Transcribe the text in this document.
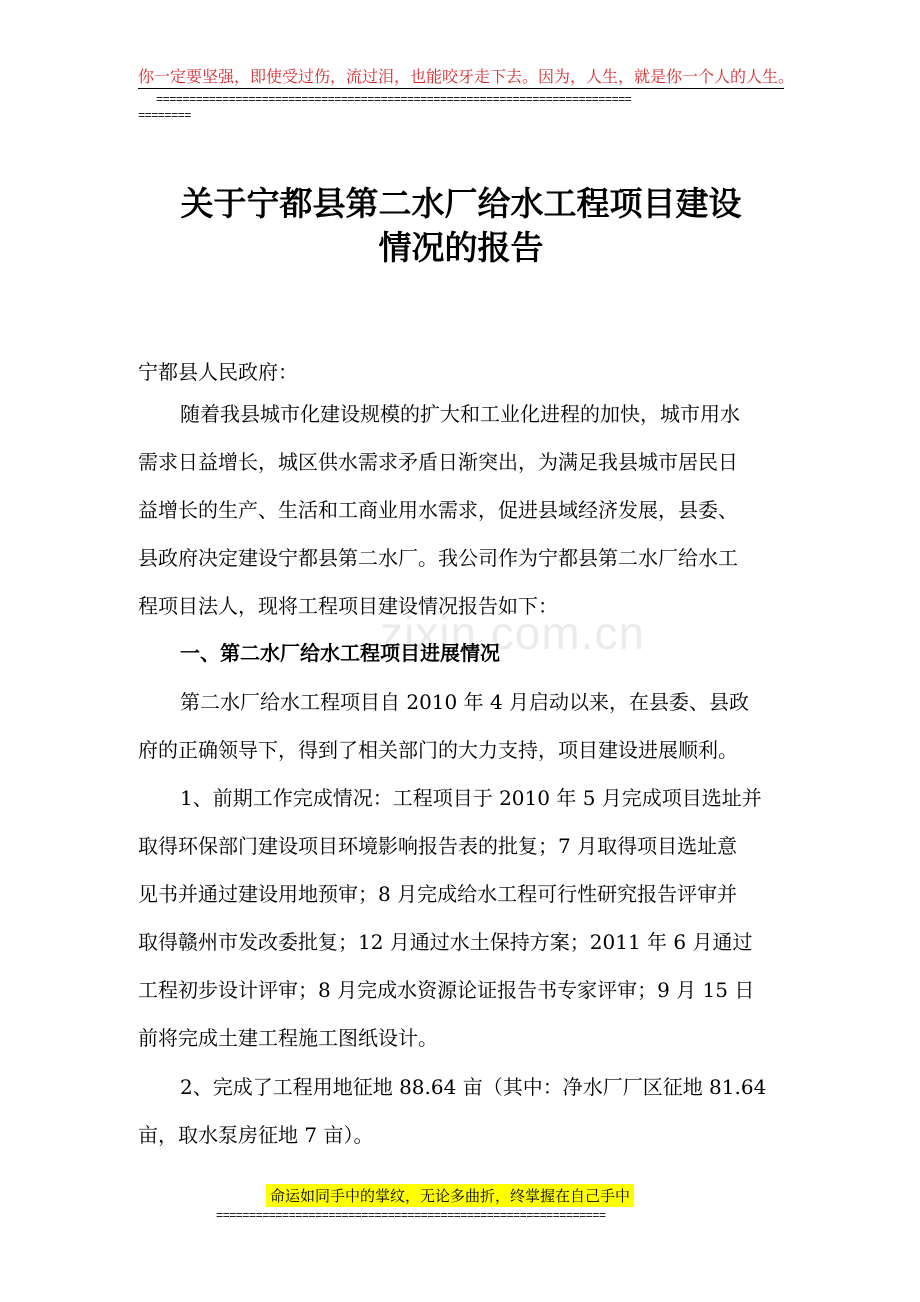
你一定要坚强，即使受过伤，流过泪，也能咬牙走下去。因为，人生，就是你一个人的人生。
========================================================================
========
关于宁都县第二水厂给水工程项目建设
情况的报告
zixin.com.cn
宁都县人民政府：
随着我县城市化建设规模的扩大和工业化进程的加快，城市用水
需求日益增长，城区供水需求矛盾日渐突出，为满足我县城市居民日
益增长的生产、生活和工商业用水需求，促进县域经济发展，县委、
县政府决定建设宁都县第二水厂。我公司作为宁都县第二水厂给水工
程项目法人，现将工程项目建设情况报告如下：
一、第二水厂给水工程项目进展情况
第二水厂给水工程项目自 2010 年 4 月启动以来，在县委、县政
府的正确领导下，得到了相关部门的大力支持，项目建设进展顺利。
1、前期工作完成情况：工程项目于 2010 年 5 月完成项目选址并
取得环保部门建设项目环境影响报告表的批复；7 月取得项目选址意
见书并通过建设用地预审；8 月完成给水工程可行性研究报告评审并
取得赣州市发改委批复；12 月通过水土保持方案；2011 年 6 月通过
工程初步设计评审；8 月完成水资源论证报告书专家评审；9 月 15 日
前将完成土建工程施工图纸设计。
2、完成了工程用地征地 88.64 亩（其中：净水厂厂区征地 81.64
亩，取水泵房征地 7 亩）。
命运如同手中的掌纹，无论多曲折，终掌握在自己手中
===========================================================
